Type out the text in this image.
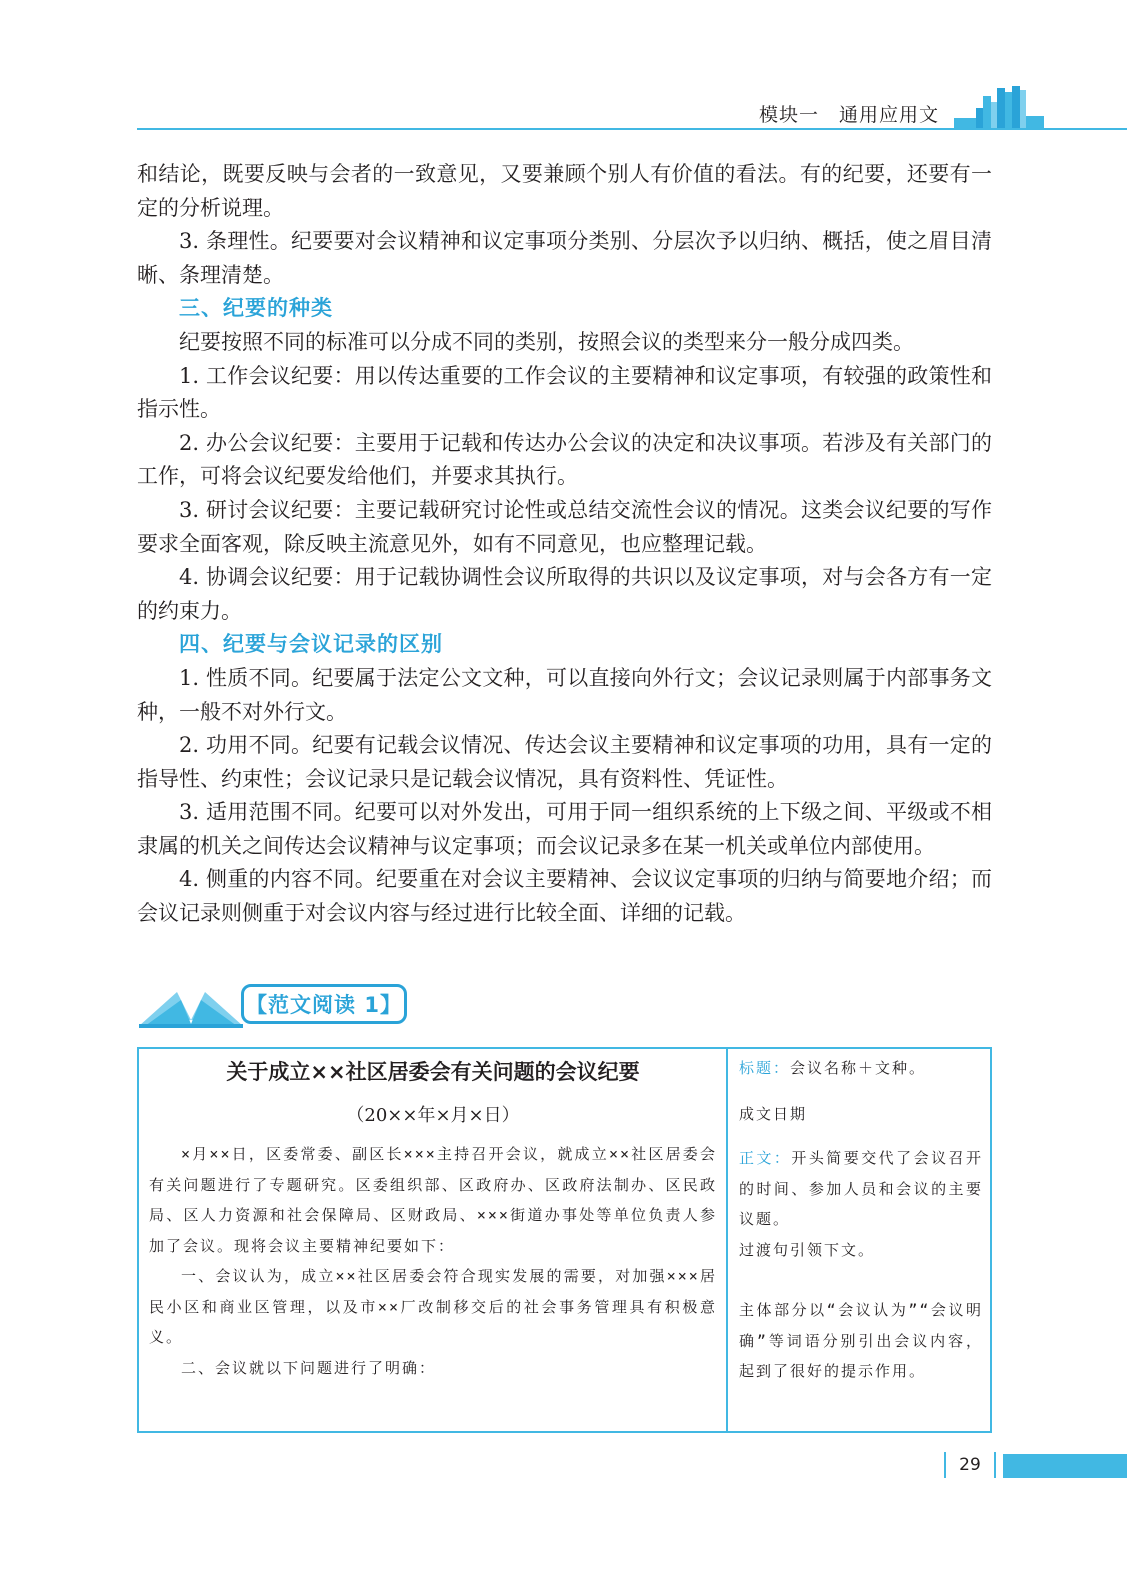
模块一　通用应用文

和结论，既要反映与会者的一致意见，又要兼顾个别人有价值的看法。有的纪要，还要有一定的分析说理。

3. 条理性。纪要要对会议精神和议定事项分类别、分层次予以归纳、概括，使之眉目清晰、条理清楚。

三、纪要的种类

纪要按照不同的标准可以分成不同的类别，按照会议的类型来分一般分成四类。

1. 工作会议纪要：用以传达重要的工作会议的主要精神和议定事项，有较强的政策性和指示性。

2. 办公会议纪要：主要用于记载和传达办公会议的决定和决议事项。若涉及有关部门的工作，可将会议纪要发给他们，并要求其执行。

3. 研讨会议纪要：主要记载研究讨论性或总结交流性会议的情况。这类会议纪要的写作要求全面客观，除反映主流意见外，如有不同意见，也应整理记载。

4. 协调会议纪要：用于记载协调性会议所取得的共识以及议定事项，对与会各方有一定的约束力。

四、纪要与会议记录的区别

1. 性质不同。纪要属于法定公文文种，可以直接向外行文；会议记录则属于内部事务文种，一般不对外行文。

2. 功用不同。纪要有记载会议情况、传达会议主要精神和议定事项的功用，具有一定的指导性、约束性；会议记录只是记载会议情况，具有资料性、凭证性。

3. 适用范围不同。纪要可以对外发出，可用于同一组织系统的上下级之间、平级或不相隶属的机关之间传达会议精神与议定事项；而会议记录多在某一机关或单位内部使用。

4. 侧重的内容不同。纪要重在对会议主要精神、会议议定事项的归纳与简要地介绍；而会议记录则侧重于对会议内容与经过进行比较全面、详细的记载。

【范文阅读 1】

关于成立××社区居委会有关问题的会议纪要

（20××年×月×日）

×月××日，区委常委、副区长×××主持召开会议，就成立××社区居委会有关问题进行了专题研究。区委组织部、区政府办、区政府法制办、区民政局、区人力资源和社会保障局、区财政局、×××街道办事处等单位负责人参加了会议。现将会议主要精神纪要如下：

一、会议认为，成立××社区居委会符合现实发展的需要，对加强×××居民小区和商业区管理，以及市××厂改制移交后的社会事务管理具有积极意义。

二、会议就以下问题进行了明确：

标题：会议名称＋文种。

成文日期

正文：开头简要交代了会议召开的时间、参加人员和会议的主要议题。

过渡句引领下文。

主体部分以“会议认为”“会议明确”等词语分别引出会议内容，起到了很好的提示作用。

29
